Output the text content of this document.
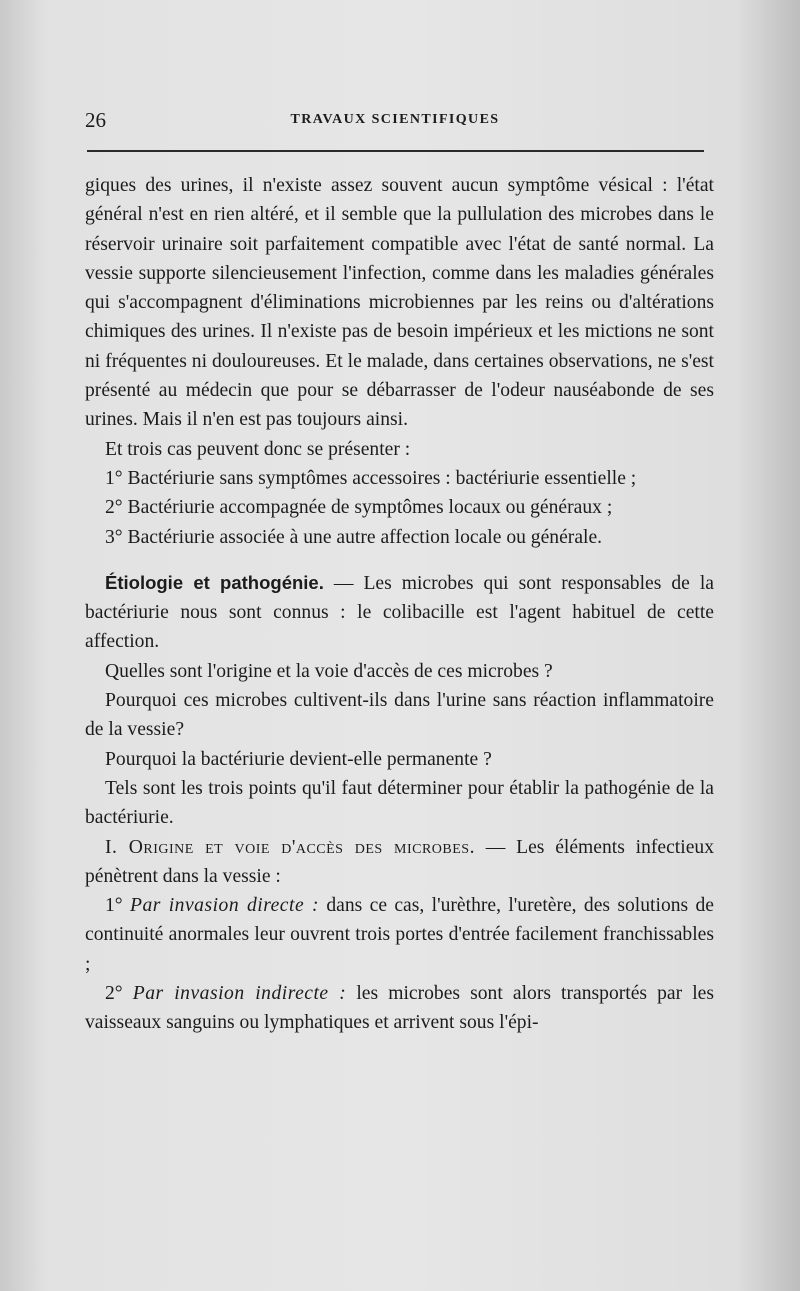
26	TRAVAUX SCIENTIFIQUES

giques des urines, il n'existe assez souvent aucun symptôme vésical : l'état général n'est en rien altéré, et il semble que la pullulation des microbes dans le réservoir urinaire soit parfaitement compatible avec l'état de santé normal. La vessie supporte silencieusement l'infection, comme dans les maladies générales qui s'accompagnent d'éliminations microbiennes par les reins ou d'altérations chimiques des urines. Il n'existe pas de besoin impérieux et les mictions ne sont ni fréquentes ni douloureuses. Et le malade, dans certaines observations, ne s'est présenté au médecin que pour se débarrasser de l'odeur nauséabonde de ses urines. Mais il n'en est pas toujours ainsi.

Et trois cas peuvent donc se présenter :

1° Bactériurie sans symptômes accessoires : bactériurie essentielle ;

2° Bactériurie accompagnée de symptômes locaux ou généraux ;

3° Bactériurie associée à une autre affection locale ou générale.

Étiologie et pathogénie. — Les microbes qui sont responsables de la bactériurie nous sont connus : le colibacille est l'agent habituel de cette affection.

Quelles sont l'origine et la voie d'accès de ces microbes ?

Pourquoi ces microbes cultivent-ils dans l'urine sans réaction inflammatoire de la vessie?

Pourquoi la bactériurie devient-elle permanente ?

Tels sont les trois points qu'il faut déterminer pour établir la pathogénie de la bactériurie.

I. Origine et voie d'accès des microbes. — Les éléments infectieux pénètrent dans la vessie :

1° Par invasion directe : dans ce cas, l'urèthre, l'uretère, des solutions de continuité anormales leur ouvrent trois portes d'entrée facilement franchissables ;

2° Par invasion indirecte : les microbes sont alors transportés par les vaisseaux sanguins ou lymphatiques et arrivent sous l'épi-
